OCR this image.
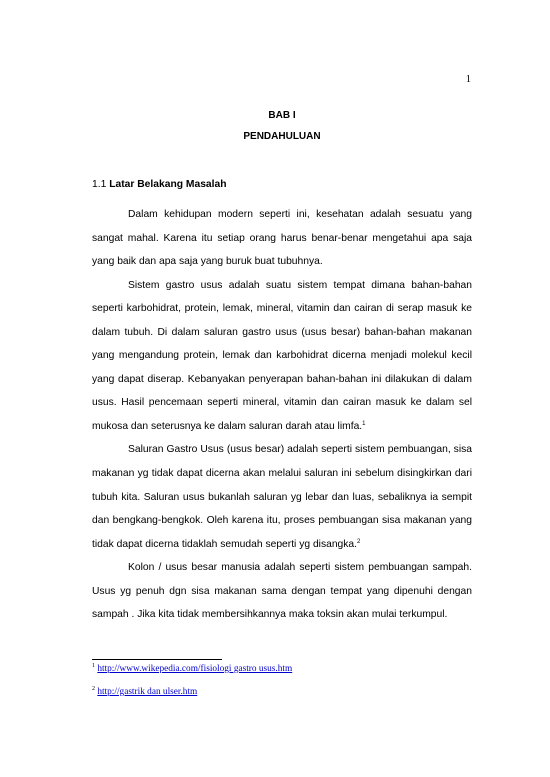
1
BAB I
PENDAHULUAN
1.1 Latar Belakang Masalah

Dalam kehidupan modern seperti ini, kesehatan adalah sesuatu yang sangat mahal. Karena itu setiap orang harus benar-benar mengetahui apa saja yang baik dan apa saja yang buruk buat tubuhnya.

Sistem gastro usus adalah suatu sistem tempat dimana bahan-bahan seperti karbohidrat, protein, lemak, mineral, vitamin dan cairan di serap masuk ke dalam tubuh. Di dalam saluran gastro usus (usus besar) bahan-bahan makanan yang mengandung protein, lemak dan karbohidrat dicerna menjadi molekul kecil yang dapat diserap. Kebanyakan penyerapan bahan-bahan ini dilakukan di dalam usus. Hasil pencemaan seperti mineral, vitamin dan cairan masuk ke dalam sel mukosa dan seterusnya ke dalam saluran darah atau limfa.$^1$

Saluran Gastro Usus (usus besar) adalah seperti sistem pembuangan, sisa makanan yg tidak dapat dicerna akan melalui saluran ini sebelum disingkirkan dari tubuh kita. Saluran usus bukanlah saluran yg lebar dan luas, sebaliknya ia sempit dan bengkang-bengkok. Oleh karena itu, proses pembuangan sisa makanan yang tidak dapat dicerna tidaklah semudah seperti yg disangka.$^2$

Kolon / usus besar manusia adalah seperti sistem pembuangan sampah. Usus yg penuh dgn sisa makanan sama dengan tempat yang dipenuhi dengan sampah . Jika kita tidak membersihkannya maka toksin akan mulai terkumpul.

$^1$ http://www.wikepedia.com/fisiologi gastro usus.htm
$^2$ http://gastrik dan ulser.htm
